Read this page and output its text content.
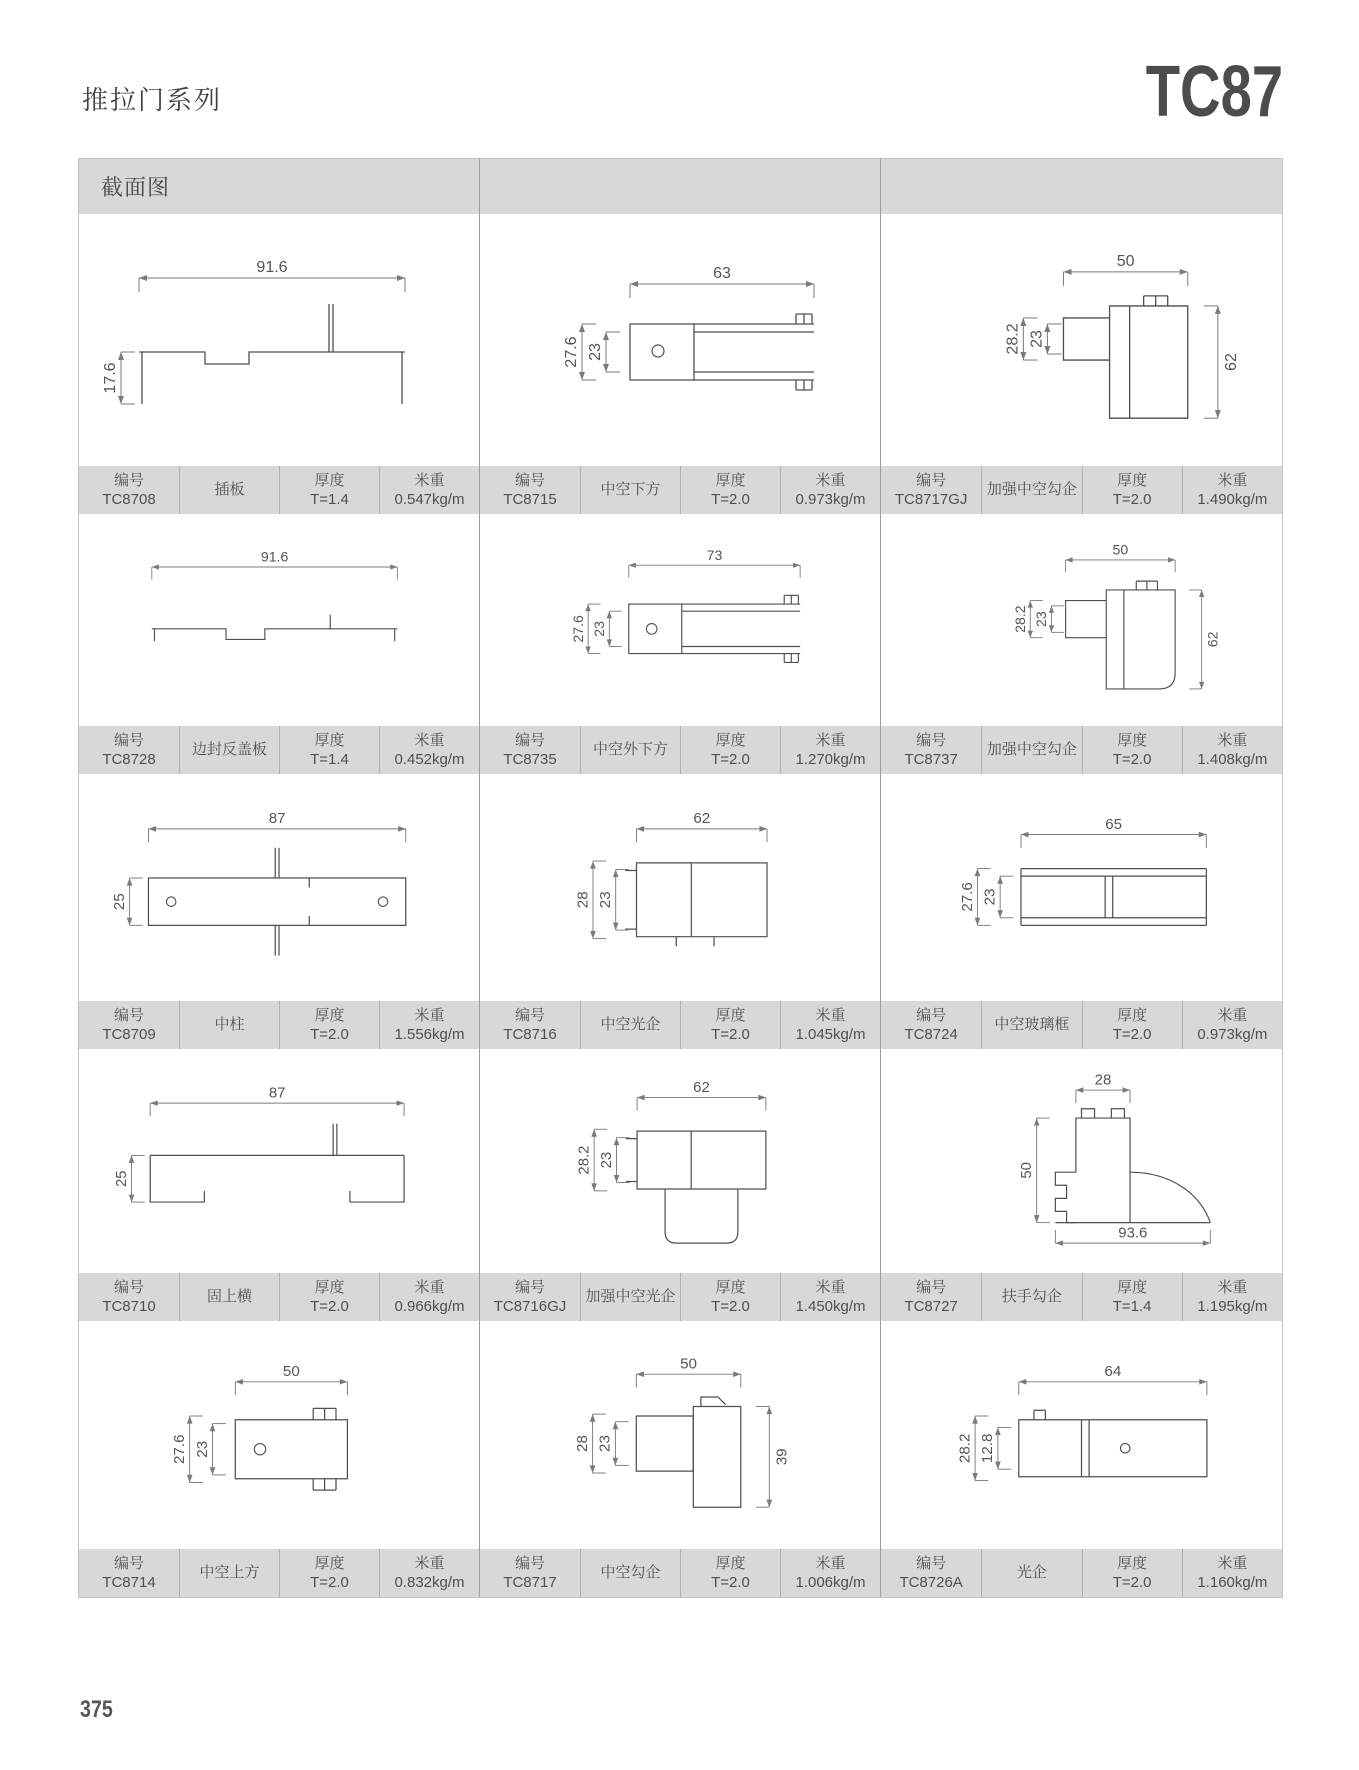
推拉门系列	TC87
截面图
91.6
17.6
编号
TC8708
插板
厚度
T=1.4
米重
0.547kg/m
63
27.6 23
编号
TC8715
中空下方
厚度
T=2.0
米重
0.973kg/m
50
28.2 23
62
编号
TC8717GJ
加强中空勾企
厚度
T=2.0
米重
1.490kg/m
91.6
编号
TC8728
边封反盖板
厚度
T=1.4
米重
0.452kg/m
73
27.6 23
编号
TC8735
中空外下方
厚度
T=2.0
米重
1.270kg/m
50
28.2 23
62
编号
TC8737
加强中空勾企
厚度
T=2.0
米重
1.408kg/m
87
25
编号
TC8709
中柱
厚度
T=2.0
米重
1.556kg/m
62
28 23
编号
TC8716
中空光企
厚度
T=2.0
米重
1.045kg/m
65
27.6 23
编号
TC8724
中空玻璃框
厚度
T=2.0
米重
0.973kg/m
87
25
编号
TC8710
固上横
厚度
T=2.0
米重
0.966kg/m
62
28.2 23
编号
TC8716GJ
加强中空光企
厚度
T=2.0
米重
1.450kg/m
28
50
93.6
编号
TC8727
扶手勾企
厚度
T=1.4
米重
1.195kg/m
50
27.6 23
编号
TC8714
中空上方
厚度
T=2.0
米重
0.832kg/m
50
28 23
39
编号
TC8717
中空勾企
厚度
T=2.0
米重
1.006kg/m
64
28.2 12.8
编号
TC8726A
光企
厚度
T=2.0
米重
1.160kg/m
375
